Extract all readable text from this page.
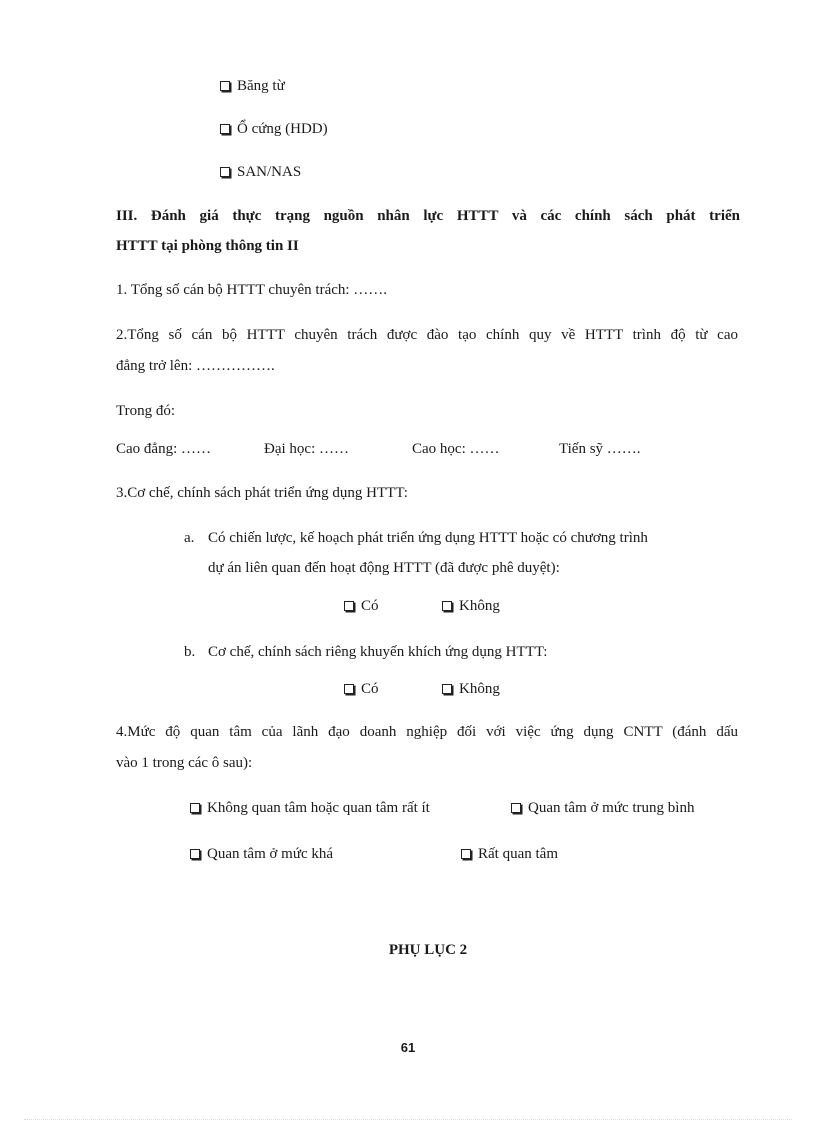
Băng từ
Ổ cứng (HDD)
SAN/NAS
III. Đánh giá thực trạng nguồn nhân lực HTTT và các chính sách phát triển
HTTT tại phòng thông tin II
1. Tổng số cán bộ HTTT chuyên trách: …….
2.Tổng số cán bộ HTTT chuyên trách được đào tạo chính quy về HTTT trình độ từ cao
đẳng trở lên: …………….
Trong đó:
Cao đẳng: ……	Đại học: ……	Cao học: ……	Tiến sỹ …….
3.Cơ chế, chính sách phát triển ứng dụng HTTT:
a. Có chiến lược, kế hoạch phát triển ứng dụng HTTT hoặc có chương trình
dự án liên quan đến hoạt động HTTT (đã được phê duyệt):
Có	Không
b. Cơ chế, chính sách riêng khuyến khích ứng dụng HTTT:
Có	Không
4.Mức độ quan tâm của lãnh đạo doanh nghiệp đối với việc ứng dụng CNTT (đánh dấu
vào 1 trong các ô sau):
Không quan tâm hoặc quan tâm rất ít	Quan tâm ở mức trung bình
Quan tâm ở mức khá	Rất quan tâm
PHỤ LỤC 2
61
